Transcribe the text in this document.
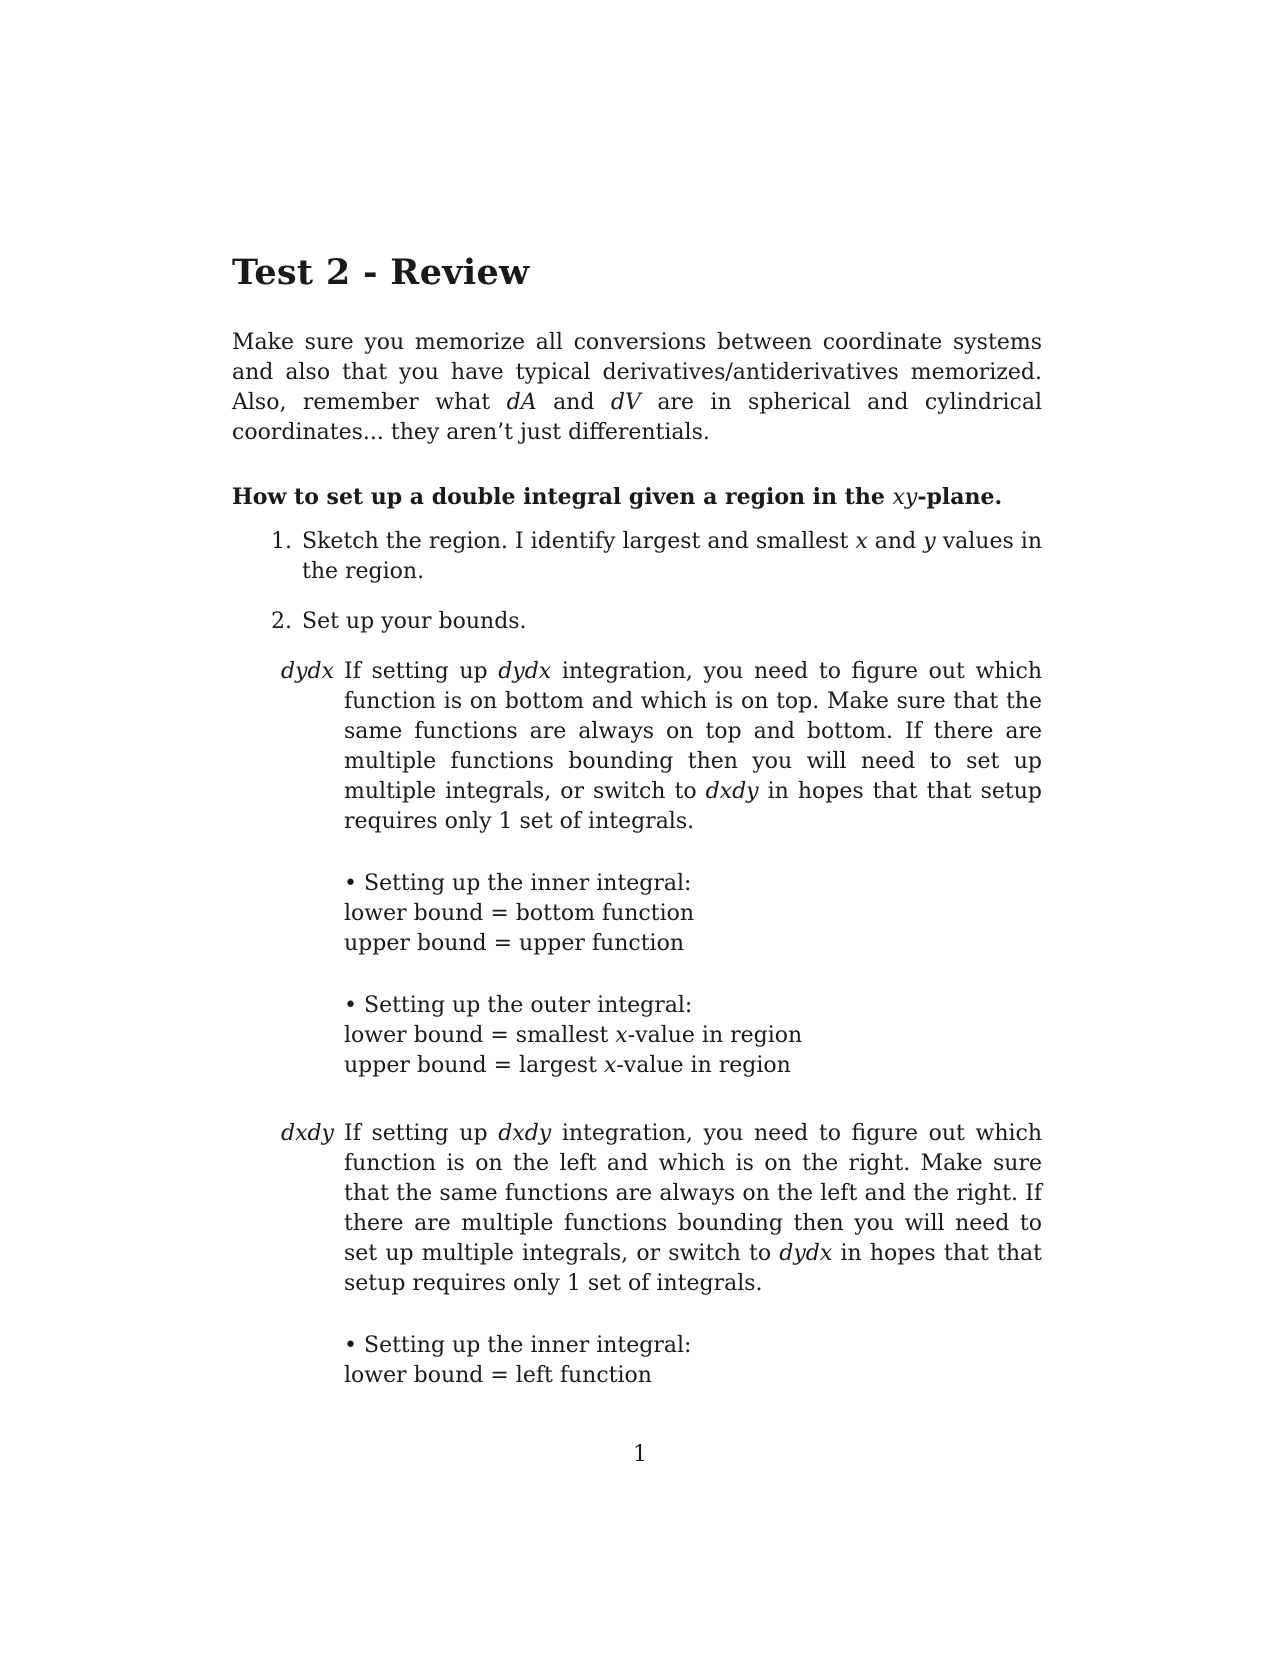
Test 2 - Review

Make sure you memorize all conversions between coordinate systems and also that you have typical derivatives/antiderivatives memorized. Also, remember what dA and dV are in spherical and cylindrical coordinates... they aren’t just differentials.

How to set up a double integral given a region in the xy-plane.
1. Sketch the region. I identify largest and smallest x and y values in the region.
2. Set up your bounds.
dydx If setting up dydx integration, you need to figure out which function is on bottom and which is on top. Make sure that the same functions are always on top and bottom. If there are multiple functions bounding then you will need to set up multiple integrals, or switch to dxdy in hopes that that setup requires only 1 set of integrals.
• Setting up the inner integral:
lower bound = bottom function
upper bound = upper function
• Setting up the outer integral:
lower bound = smallest x-value in region
upper bound = largest x-value in region
dxdy If setting up dxdy integration, you need to figure out which function is on the left and which is on the right. Make sure that the same functions are always on the left and the right. If there are multiple functions bounding then you will need to set up multiple integrals, or switch to dydx in hopes that that setup requires only 1 set of integrals.
• Setting up the inner integral:
lower bound = left function
1
